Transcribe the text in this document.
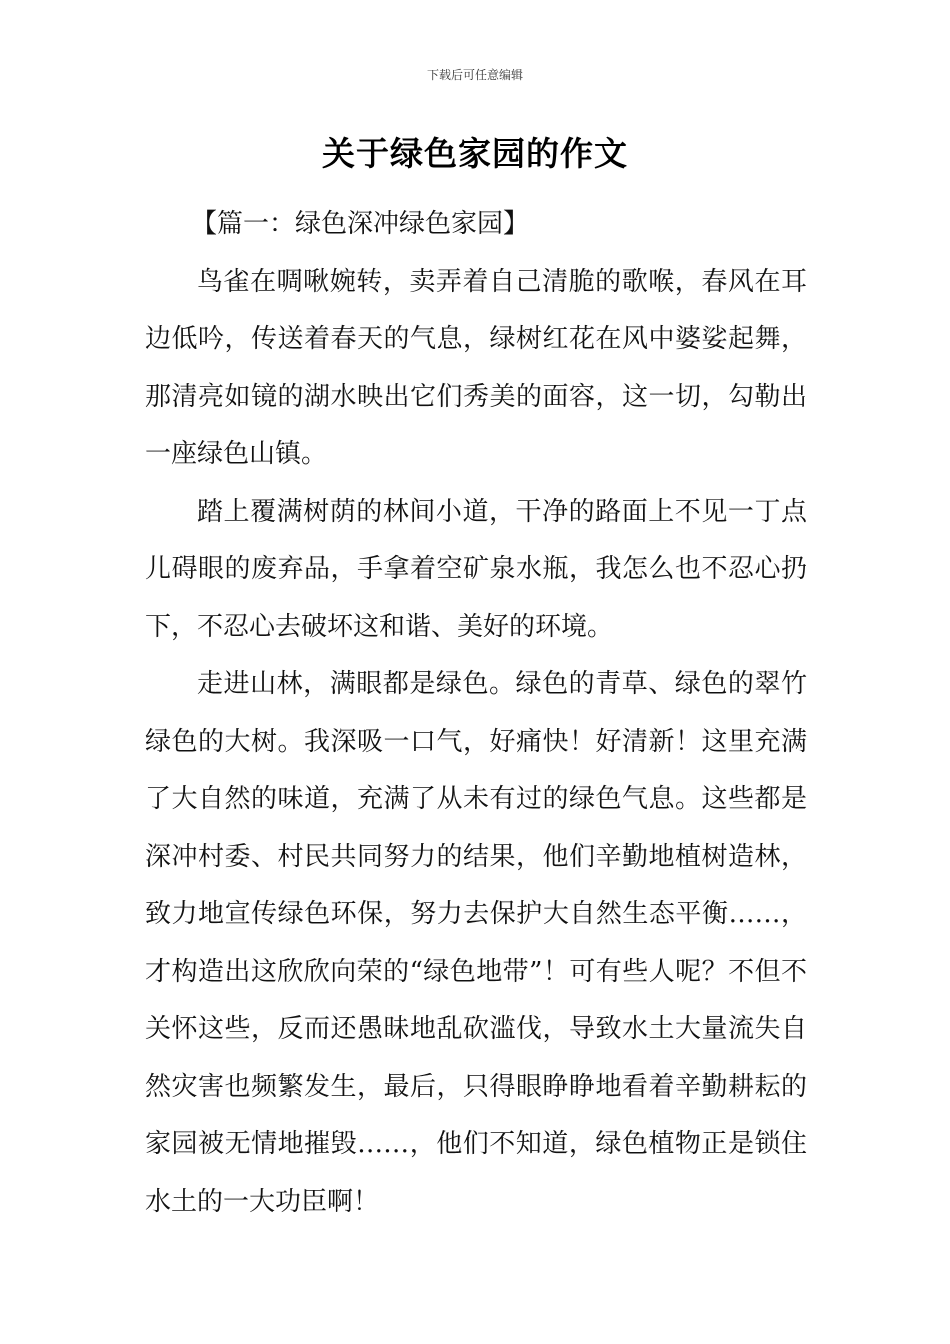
下载后可任意编辑
关于绿色家园的作文

【篇一：绿色深冲绿色家园】

鸟雀在啁啾婉转，卖弄着自己清脆的歌喉，春风在耳边低吟，传送着春天的气息，绿树红花在风中婆娑起舞，那清亮如镜的湖水映出它们秀美的面容，这一切，勾勒出一座绿色山镇。

踏上覆满树荫的林间小道，干净的路面上不见一丁点儿碍眼的废弃品，手拿着空矿泉水瓶，我怎么也不忍心扔下，不忍心去破坏这和谐、美好的环境。

走进山林，满眼都是绿色。绿色的青草、绿色的翠竹绿色的大树。我深吸一口气，好痛快！好清新！这里充满了大自然的味道，充满了从未有过的绿色气息。这些都是深冲村委、村民共同努力的结果，他们辛勤地植树造林，致力地宣传绿色环保，努力去保护大自然生态平衡……，才构造出这欣欣向荣的“绿色地带”！可有些人呢？不但不关怀这些，反而还愚昧地乱砍滥伐，导致水土大量流失自然灾害也频繁发生，最后，只得眼睁睁地看着辛勤耕耘的家园被无情地摧毁……，他们不知道，绿色植物正是锁住水土的一大功臣啊！
